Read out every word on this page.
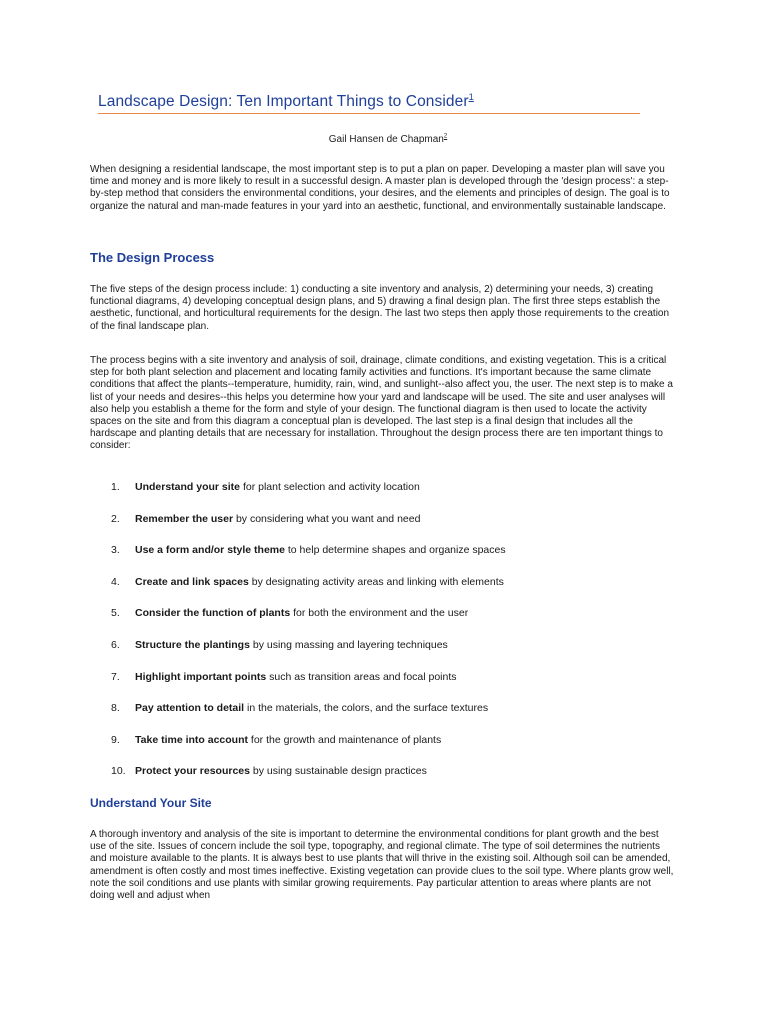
Landscape Design: Ten Important Things to Consider$^1$
Gail Hansen de Chapman$^2$

When designing a residential landscape, the most important step is to put a plan on paper. Developing a master plan will save you time and money and is more likely to result in a successful design. A master plan is developed through the 'design process': a step-by-step method that considers the environmental conditions, your desires, and the elements and principles of design. The goal is to organize the natural and man-made features in your yard into an aesthetic, functional, and environmentally sustainable landscape.

The Design Process

The five steps of the design process include: 1) conducting a site inventory and analysis, 2) determining your needs, 3) creating functional diagrams, 4) developing conceptual design plans, and 5) drawing a final design plan. The first three steps establish the aesthetic, functional, and horticultural requirements for the design. The last two steps then apply those requirements to the creation of the final landscape plan.

The process begins with a site inventory and analysis of soil, drainage, climate conditions, and existing vegetation. This is a critical step for both plant selection and placement and locating family activities and functions. It's important because the same climate conditions that affect the plants--temperature, humidity, rain, wind, and sunlight--also affect you, the user. The next step is to make a list of your needs and desires--this helps you determine how your yard and landscape will be used. The site and user analyses will also help you establish a theme for the form and style of your design. The functional diagram is then used to locate the activity spaces on the site and from this diagram a conceptual plan is developed. The last step is a final design that includes all the hardscape and planting details that are necessary for installation. Throughout the design process there are ten important things to consider:

1. Understand your site for plant selection and activity location
2. Remember the user by considering what you want and need
3. Use a form and/or style theme to help determine shapes and organize spaces
4. Create and link spaces by designating activity areas and linking with elements
5. Consider the function of plants for both the environment and the user
6. Structure the plantings by using massing and layering techniques
7. Highlight important points such as transition areas and focal points
8. Pay attention to detail in the materials, the colors, and the surface textures
9. Take time into account for the growth and maintenance of plants
10. Protect your resources by using sustainable design practices
Understand Your Site

A thorough inventory and analysis of the site is important to determine the environmental conditions for plant growth and the best use of the site. Issues of concern include the soil type, topography, and regional climate. The type of soil determines the nutrients and moisture available to the plants. It is always best to use plants that will thrive in the existing soil. Although soil can be amended, amendment is often costly and most times ineffective. Existing vegetation can provide clues to the soil type. Where plants grow well, note the soil conditions and use plants with similar growing requirements. Pay particular attention to areas where plants are not doing well and adjust when
